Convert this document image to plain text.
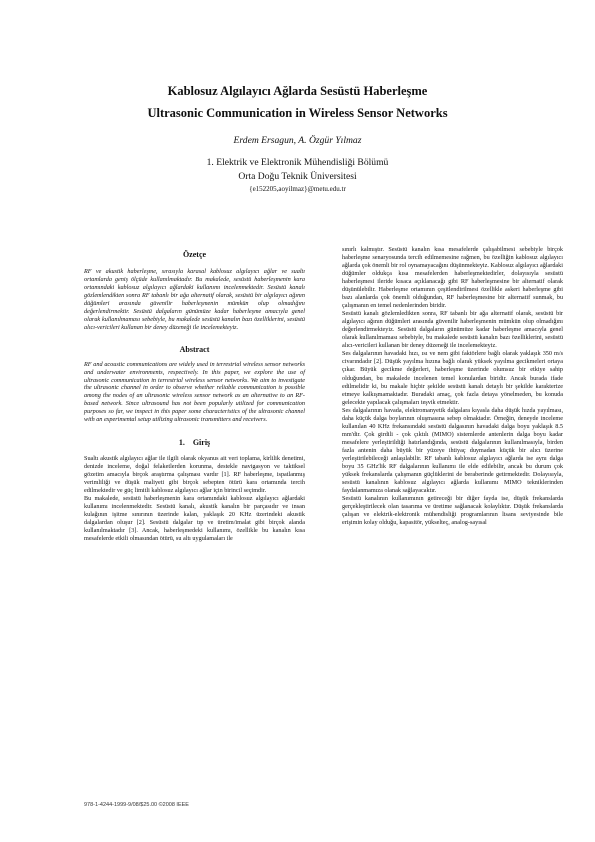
Kablosuz Algılayıcı Ağlarda Sesüstü Haberleşme
Ultrasonic Communication in Wireless Sensor Networks
Erdem Ersagun, A. Özgür Yılmaz
1. Elektrik ve Elektronik Mühendisliği Bölümü
Orta Doğu Teknik Üniversitesi
{e152205,aoyilmaz}@metu.edu.tr

Özetçe

RF ve akustik haberleşme, sırasıyla karasal kablosuz algılayıcı ağlar ve sualtı ortamlarda geniş ölçüde kullanılmaktadır. Bu makalede, sesüstü haberleşmenin kara ortamındaki kablosuz algılayıcı ağlardaki kullanımı incelenmektedir. Sesüstü kanalı gözlemlendikten sonra RF tabanlı bir ağa alternatif olarak, sesüstü bir algılayıcı ağının düğümleri arasında güvenilir haberleşmenin mümkün olup olmadığını değerlendirmektir. Sesüstü dalgaların günümüze kadar haberleşme amacıyla genel olarak kullanılmaması sebebiyle, bu makalede sesüstü kanalın bazı özelliklerini, sesüstü alıcı-vericileri kullanan bir deney düzeneği ile incelemekteyiz.

Abstract

RF and acoustic communications are widely used in terrestrial wireless sensor networks and underwater environments, respectively. In this paper, we explore the use of ultrasonic communication in terrestrial wireless sensor networks. We aim to investigate the ultrasonic channel in order to observe whether reliable communication is possible among the nodes of an ultrasonic wireless sensor network as an alternative to an RF-based network. Since ultrasound has not been popularly utilized for communication purposes so far, we inspect in this paper some characteristics of the ultrasonic channel with an experimental setup utilizing ultrasonic transmitters and receivers.

1. Giriş

Sualtı akustik algılayıcı ağlar ile ilgili olarak okyanus ait veri toplama, kirlilik denetimi, denizde inceleme, doğal felaketlerden korunma, destekle navigasyon ve taktiksel gözetim amacıyla birçok araştırma çalışması vardır [1]. RF haberleşme, ispatlanmış verimliliği ve düşük maliyeti gibi birçok sebepten ötürü kara ortamında tercih edilmektedir ve güç limitli kablosuz algılayıcı ağlar için birincil seçimdir.

Bu makalede, sesüstü haberleşmenin kara ortamındaki kablosuz algılayıcı ağlardaki kullanımı incelenmektedir. Sesüstü kanalı, akustik kanalın bir parçasıdır ve insan kulağının işitme sınırının üzerinde kalan, yaklaşık 20 KHz üzerindeki akustik dalgalardan oluşur [2]. Sesüstü dalgalar tıp ve üretim/imalat gibi birçok alanda kullanılmaktadır [3]. Ancak, haberleşmedeki kullanımı, özellikle bu kanalın kısa mesafelerde etkili olmasından ötürü, su altı uygulamaları ile

sınırlı kalmıştır. Sesüstü kanalın kısa mesafelerde çalışabilmesi sebebiyle birçok haberleşme senaryosunda tercih edilmemesine rağmen, bu özelliğin kablosuz algılayıcı ağlarda çok önemli bir rol oynamayacağını düşünmekteyiz. Kablosuz algılayıcı ağlardaki düğümler oldukça kısa mesafelerden haberleşmektedirler, dolayısıyla sesüstü haberleşmesi ileride kısaca açıklanacağı gibi RF haberleşmesine bir alternatif olarak düşünülebilir. Haberleşme ortamının çeşitlendirilmesi özellikle askeri haberleşme gibi bazı alanlarda çok önemli olduğundan, RF haberleşmesine bir alternatif sunmak, bu çalışmanın en temel nedenlerinden biridir.

Sesüstü kanalı gözlemledikten sonra, RF tabanlı bir ağa alternatif olarak, sesüstü bir algılayıcı ağının düğümleri arasında güvenilir haberleşmenin mümkün olup olmadığını değerlendirmekteyiz. Sesüstü dalgaların günümüze kadar haberleşme amacıyla genel olarak kullanılmaması sebebiyle, bu makalede sesüstü kanalın bazı özelliklerini, sesüstü alıcı-vericileri kullanan bir deney düzeneği ile incelemekteyiz.

Ses dalgalarının havadaki hızı, ısı ve nem gibi faktörlere bağlı olarak yaklaşık 350 m/s civarındadır [2]. Düşük yayılma hızına bağlı olarak yüksek yayılma gecikmeleri ortaya çıkar. Büyük gecikme değerleri, haberleşme üzerinde olumsuz bir etkiye sahip olduğundan, bu makalede incelenen temel konulardan biridir. Ancak burada ifade edilmelidir ki, bu makale hiçbir şekilde sesüstü kanalı detaylı bir şekilde karakterize etmeye kalkışmamaktadır. Buradaki amaç, çok fazla detaya yönelmeden, bu konuda gelecekte yapılacak çalışmaları teşvik etmektir.

Ses dalgalarının havada, elektromanyetik dalgalara kıyasla daha düşük hızda yayılması, daha küçük dalga boylarının oluşmasına sebep olmaktadır. Örneğin, deneyde inceleme kullanılan 40 KHz frekansındaki sesüstü dalgasının havadaki dalga boyu yaklaşık 8.5 mm'dir. Çok girdili - çok çıktılı (MIMO) sistemlerde antenlerin dalga boyu kadar mesafelere yerleştirildiği hatırlandığında, sesüstü dalgalarının kullanılmasıyla, birden fazla antenin daha büyük bir yüzeye ihtiyaç duymadan küçük bir alıcı üzerine yerleştirilebileceği anlaşılabilir. RF tabanlı kablosuz algılayıcı ağlarda ise aynı dalga boyu 35 GHz'lik RF dalgalarının kullanımı ile elde edilebilir, ancak bu durum çok yüksek frekanslarda çalışmanın güçlüklerini de beraberinde getirmektedir. Dolayısıyla, sesüstü kanalının kablosuz algılayıcı ağlarda kullanımı MIMO tekniklerinden faydalanmamıza olanak sağlayacaktır.

Sesüstü kanalının kullanımının getireceği bir diğer fayda ise, düşük frekanslarda gerçekleştirilecek olan tasarıma ve üretime sağlanacak kolaylıktır. Düşük frekanslarda çalışan ve elektrik-elektronik mühendisliği programlarının lisans seviyesinde bile erişimin kolay olduğu, kapasitör, yükselteç, analog-sayısal

978-1-4244-1999-9/08/$25.00 ©2008 IEEE
